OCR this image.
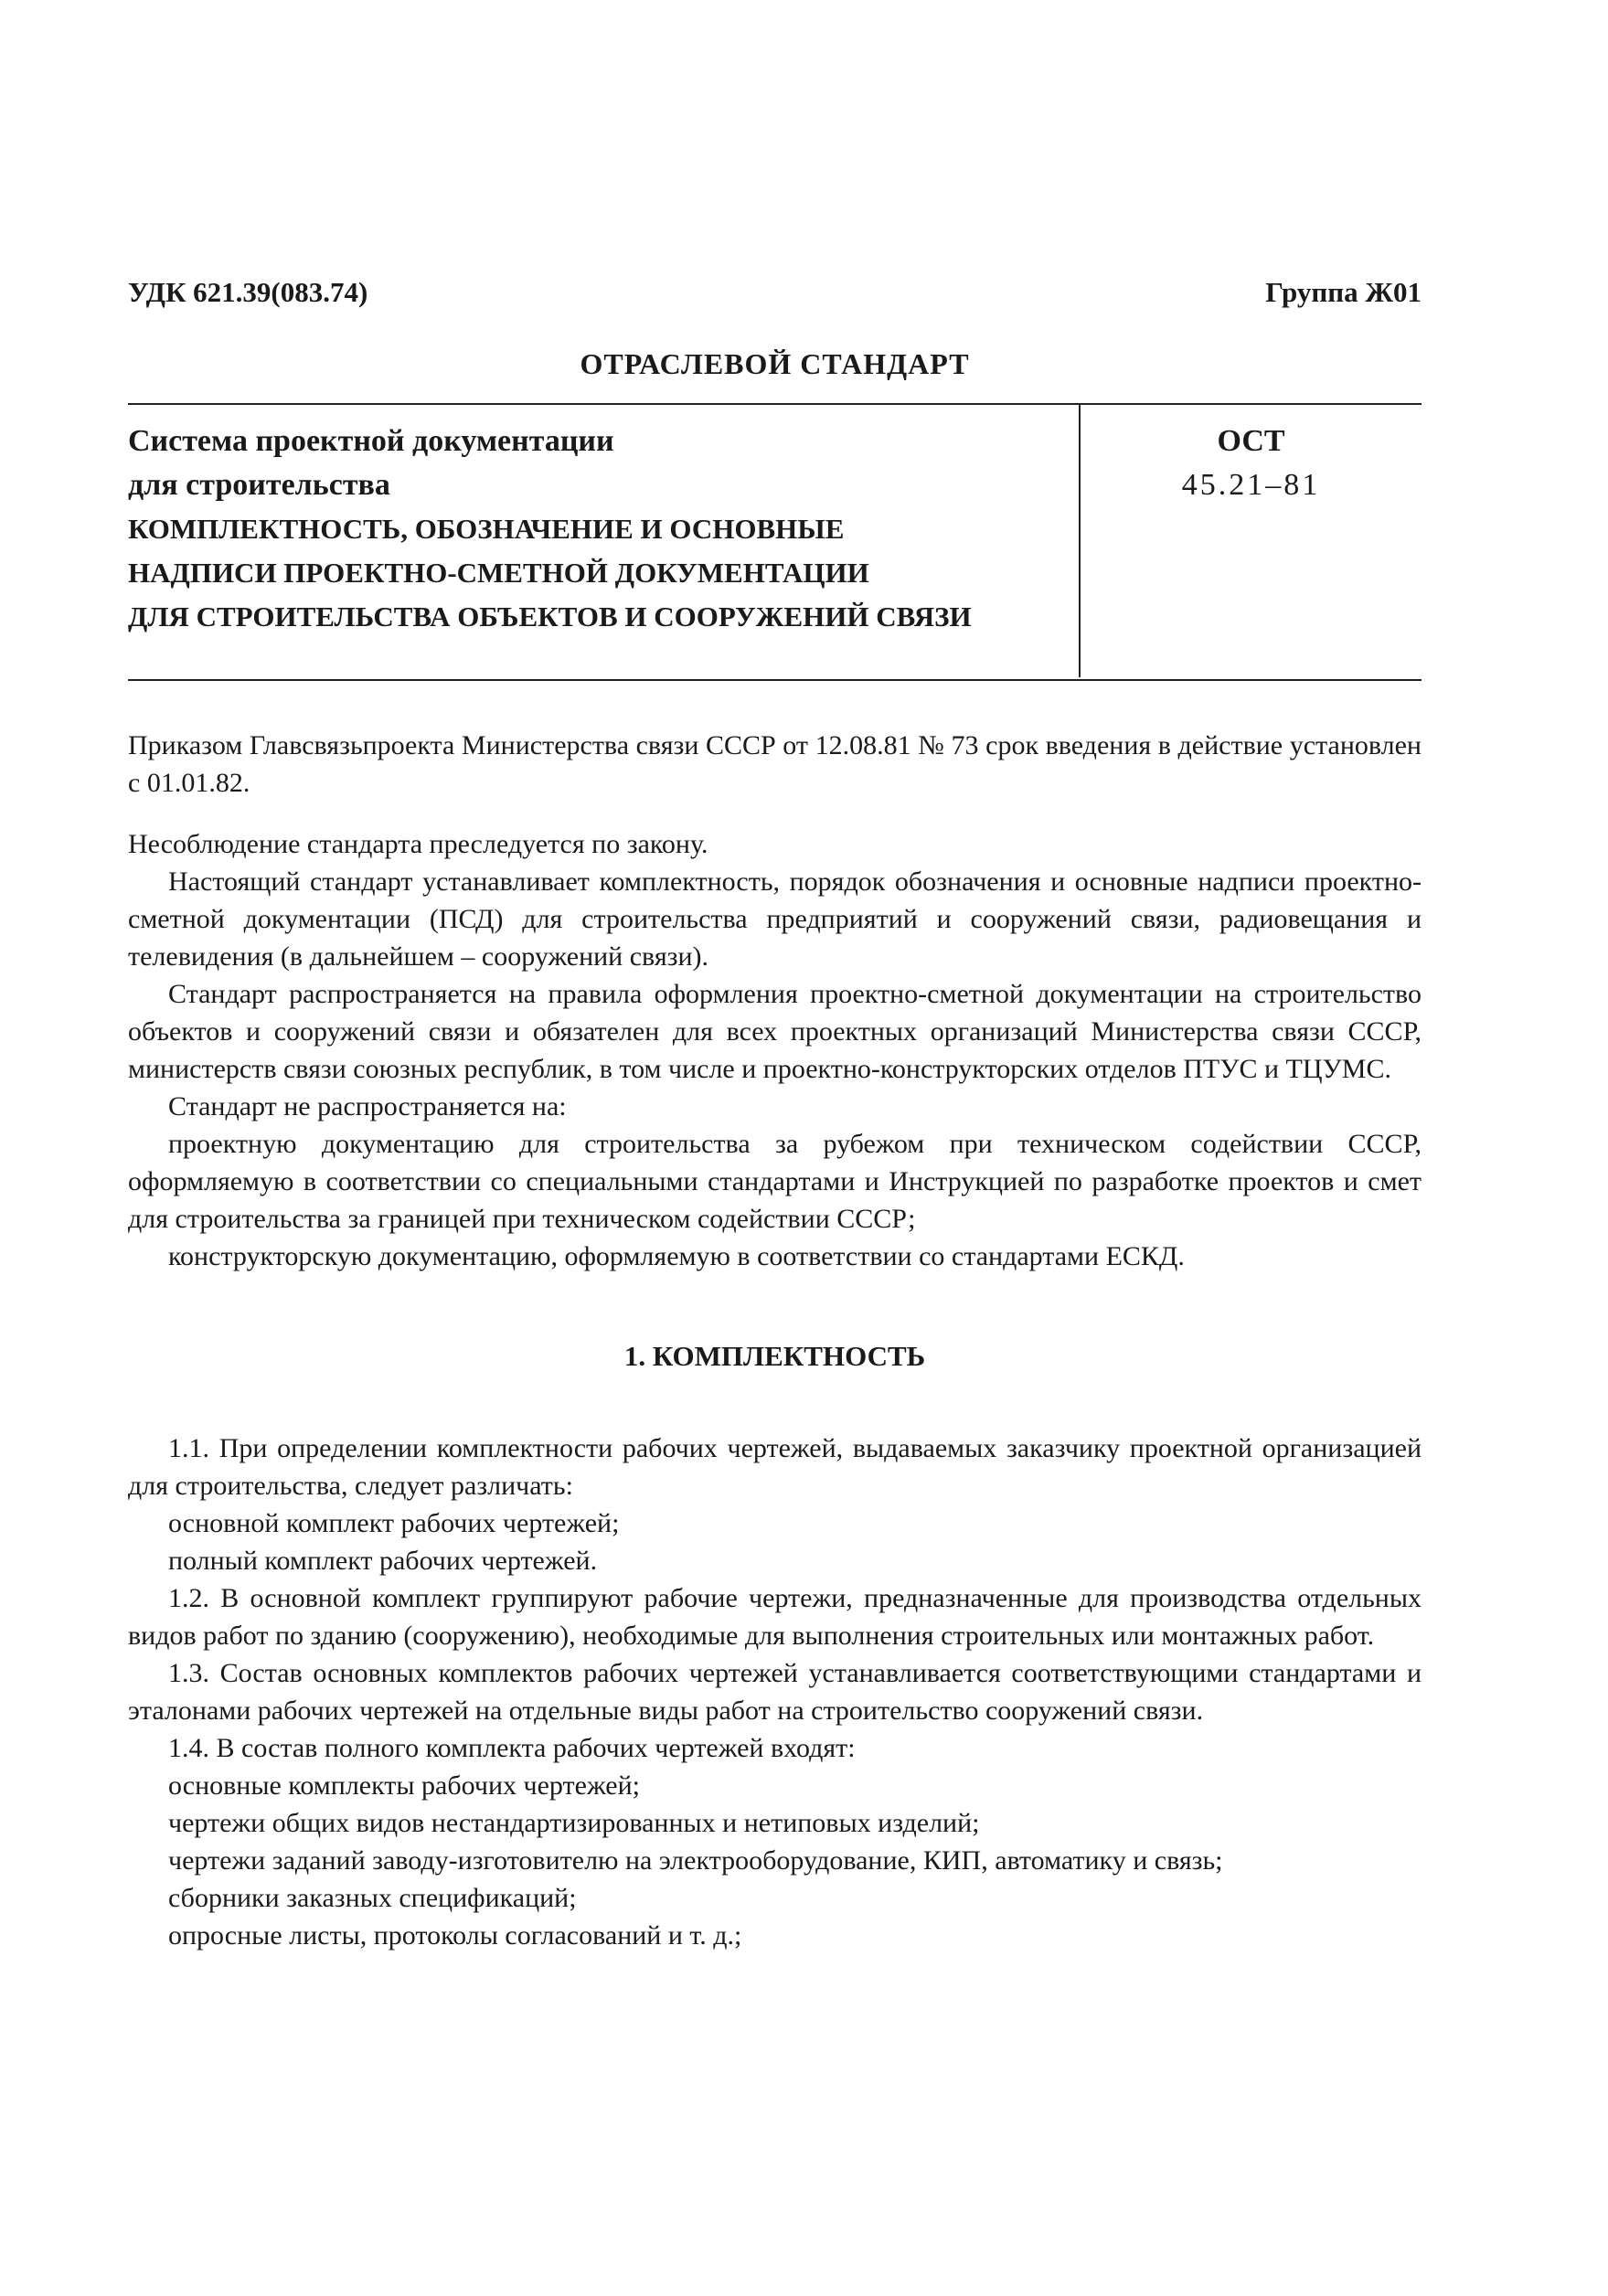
УДК 621.39(083.74)	Группа Ж01
ОТРАСЛЕВОЙ СТАНДАРТ
Система проектной документации
для строительства
КОМПЛЕКТНОСТЬ, ОБОЗНАЧЕНИЕ И ОСНОВНЫЕ
НАДПИСИ ПРОЕКТНО-СМЕТНОЙ ДОКУМЕНТАЦИИ
ДЛЯ СТРОИТЕЛЬСТВА ОБЪЕКТОВ И СООРУЖЕНИЙ СВЯЗИ
ОСТ
45.21–81

Приказом Главсвязьпроекта Министерства связи СССР от 12.08.81 № 73 срок введения в действие установлен с 01.01.82.

Несоблюдение стандарта преследуется по закону.

Настоящий стандарт устанавливает комплектность, порядок обозначения и основные надписи проектно-сметной документации (ПСД) для строительства предприятий и сооружений связи, радиовещания и телевидения (в дальнейшем – сооружений связи).

Стандарт распространяется на правила оформления проектно-сметной документации на строительство объектов и сооружений связи и обязателен для всех проектных организаций Министерства связи СССР, министерств связи союзных республик, в том числе и проектно-конструкторских отделов ПТУС и ТЦУМС.

Стандарт не распространяется на:

проектную документацию для строительства за рубежом при техническом содействии СССР, оформляемую в соответствии со специальными стандартами и Инструкцией по разработке проектов и смет для строительства за границей при техническом содействии СССР;

конструкторскую документацию, оформляемую в соответствии со стандартами ЕСКД.

1. КОМПЛЕКТНОСТЬ

1.1. При определении комплектности рабочих чертежей, выдаваемых заказчику проектной организацией для строительства, следует различать:

основной комплект рабочих чертежей;

полный комплект рабочих чертежей.

1.2. В основной комплект группируют рабочие чертежи, предназначенные для производства отдельных видов работ по зданию (сооружению), необходимые для выполнения строительных или монтажных работ.

1.3. Состав основных комплектов рабочих чертежей устанавливается соответствующими стандартами и эталонами рабочих чертежей на отдельные виды работ на строительство сооружений связи.

1.4. В состав полного комплекта рабочих чертежей входят:

основные комплекты рабочих чертежей;

чертежи общих видов нестандартизированных и нетиповых изделий;

чертежи заданий заводу-изготовителю на электрооборудование, КИП, автоматику и связь;

сборники заказных спецификаций;

опросные листы, протоколы согласований и т. д.;
